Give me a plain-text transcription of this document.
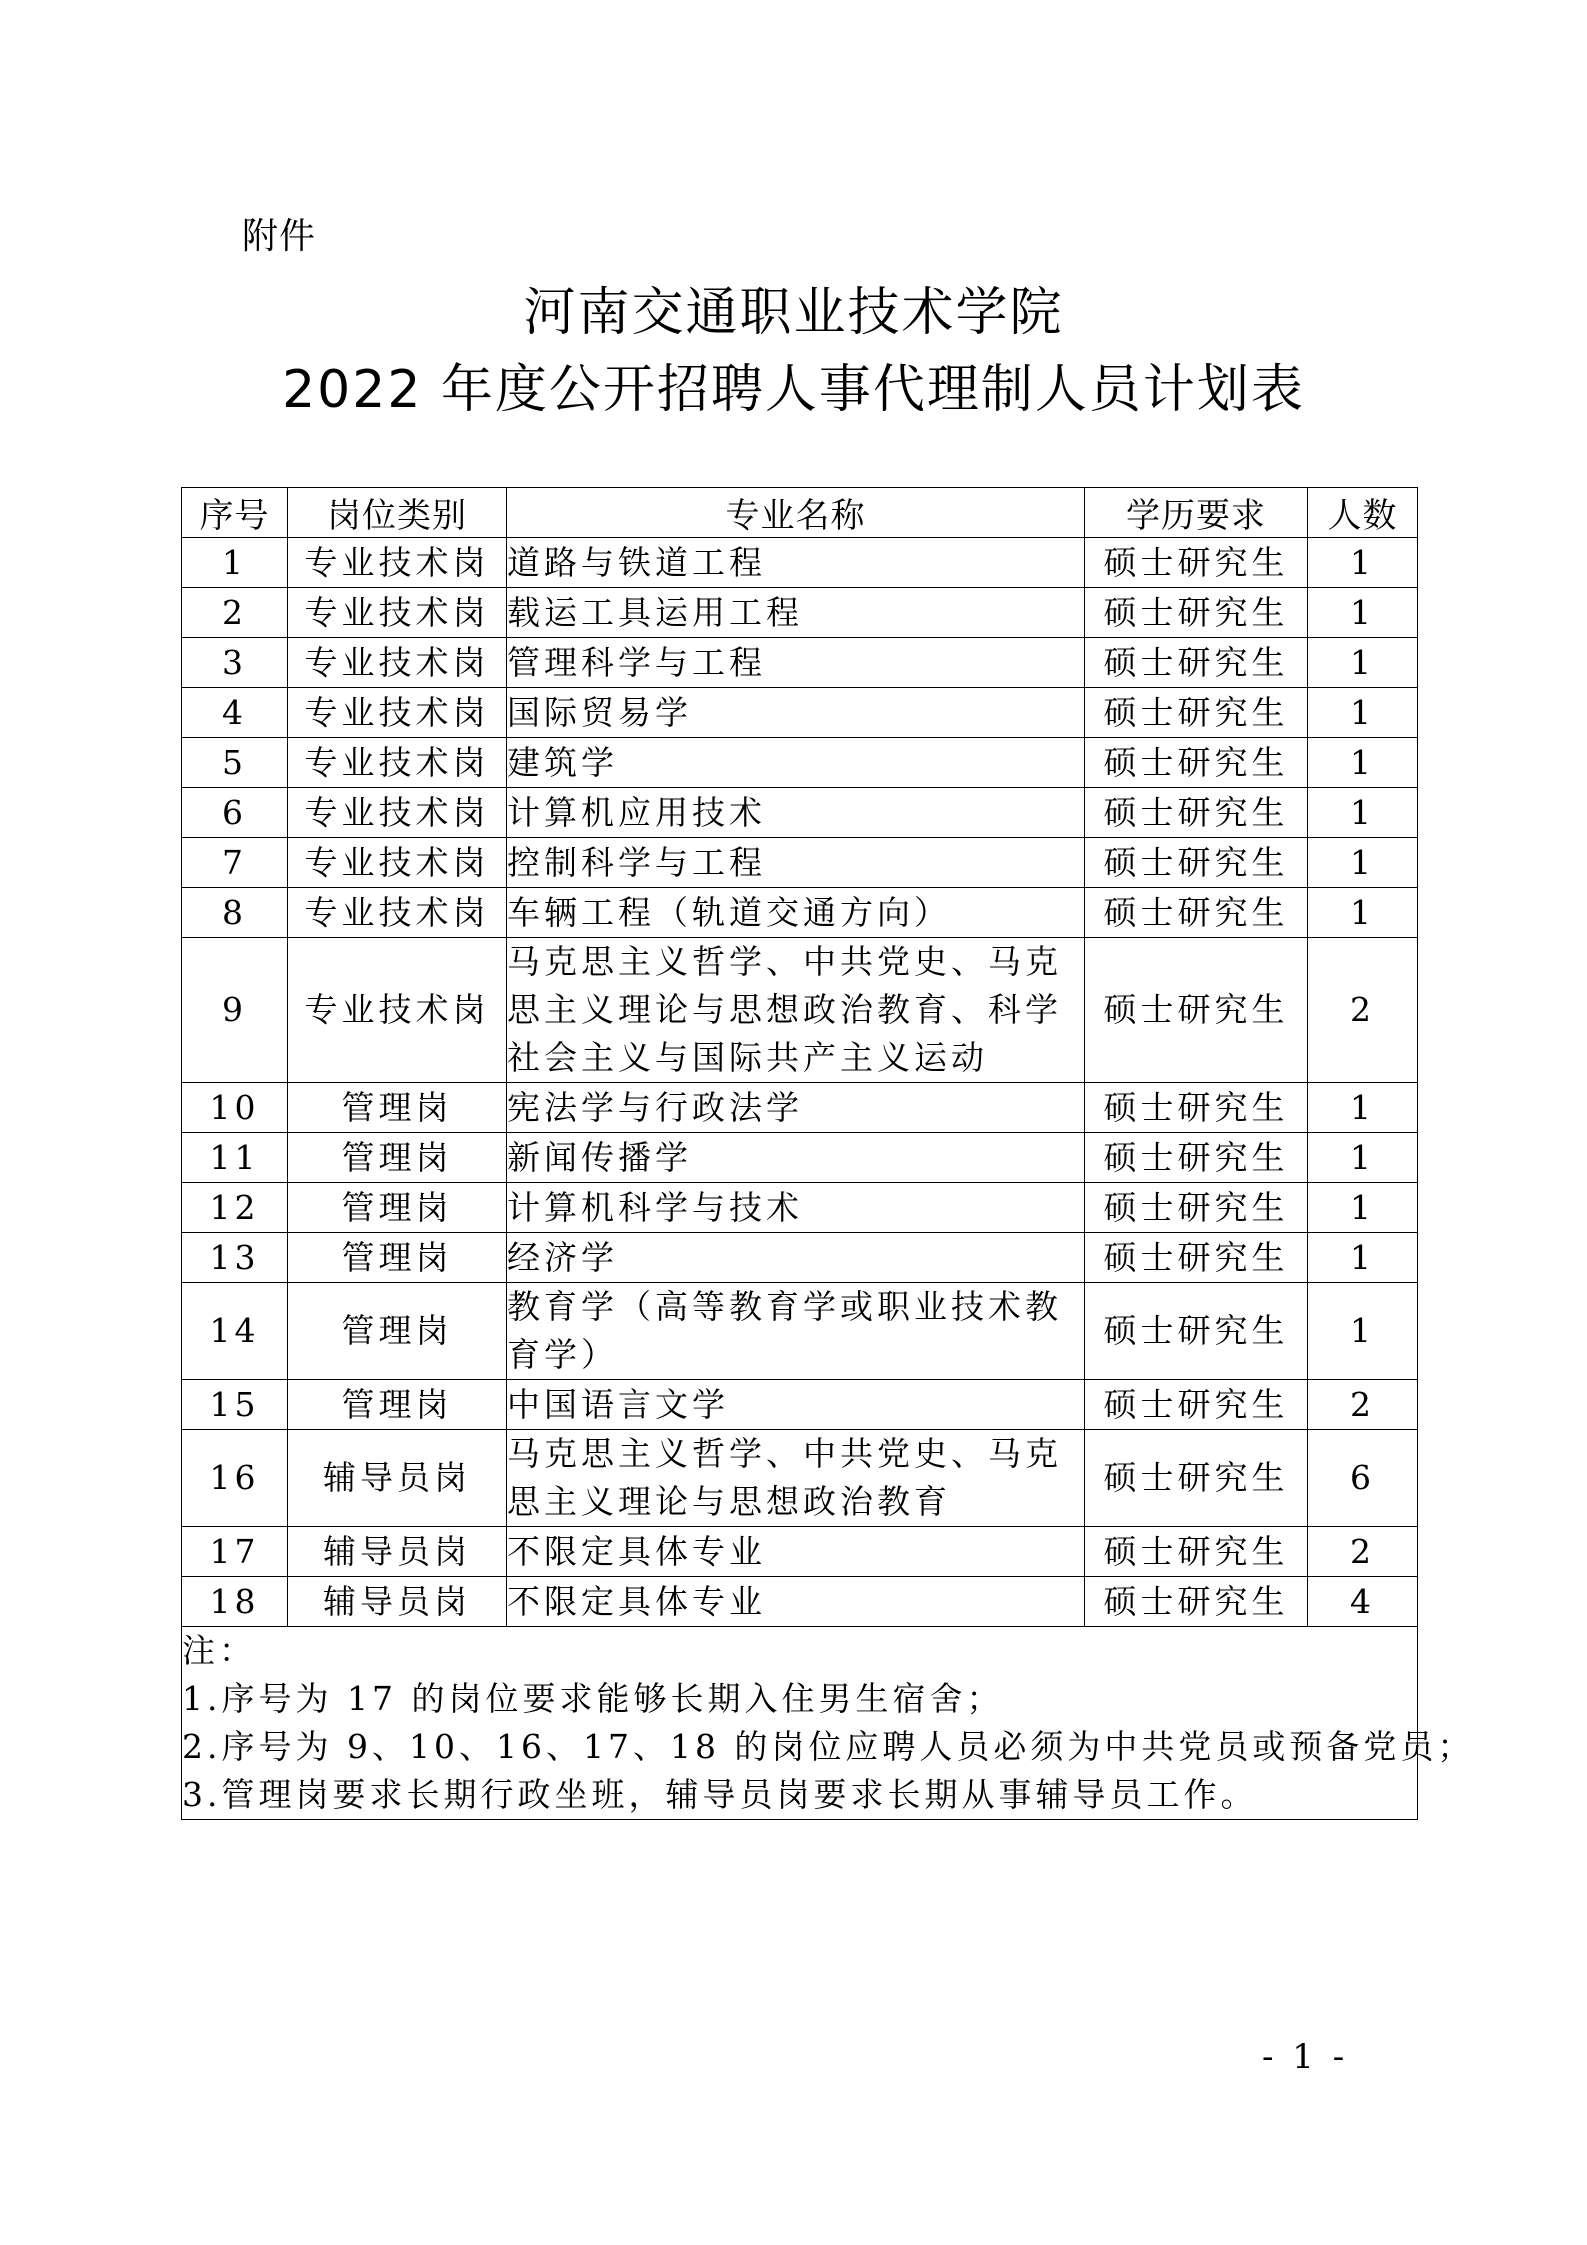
附件
河南交通职业技术学院
2022 年度公开招聘人事代理制人员计划表
序号	岗位类别	专业名称	学历要求	人数
1	专业技术岗	道路与铁道工程	硕士研究生	1
2	专业技术岗	载运工具运用工程	硕士研究生	1
3	专业技术岗	管理科学与工程	硕士研究生	1
4	专业技术岗	国际贸易学	硕士研究生	1
5	专业技术岗	建筑学	硕士研究生	1
6	专业技术岗	计算机应用技术	硕士研究生	1
7	专业技术岗	控制科学与工程	硕士研究生	1
8	专业技术岗	车辆工程（轨道交通方向）	硕士研究生	1
9	专业技术岗	马克思主义哲学、中共党史、马克思主义理论与思想政治教育、科学社会主义与国际共产主义运动	硕士研究生	2
10	管理岗	宪法学与行政法学	硕士研究生	1
11	管理岗	新闻传播学	硕士研究生	1
12	管理岗	计算机科学与技术	硕士研究生	1
13	管理岗	经济学	硕士研究生	1
14	管理岗	教育学（高等教育学或职业技术教育学）	硕士研究生	1
15	管理岗	中国语言文学	硕士研究生	2
16	辅导员岗	马克思主义哲学、中共党史、马克思主义理论与思想政治教育	硕士研究生	6
17	辅导员岗	不限定具体专业	硕士研究生	2
18	辅导员岗	不限定具体专业	硕士研究生	4

注：
1.序号为 17 的岗位要求能够长期入住男生宿舍；
2.序号为 9、10、16、17、18 的岗位应聘人员必须为中共党员或预备党员；
3.管理岗要求长期行政坐班，辅导员岗要求长期从事辅导员工作。				
- 1 -
